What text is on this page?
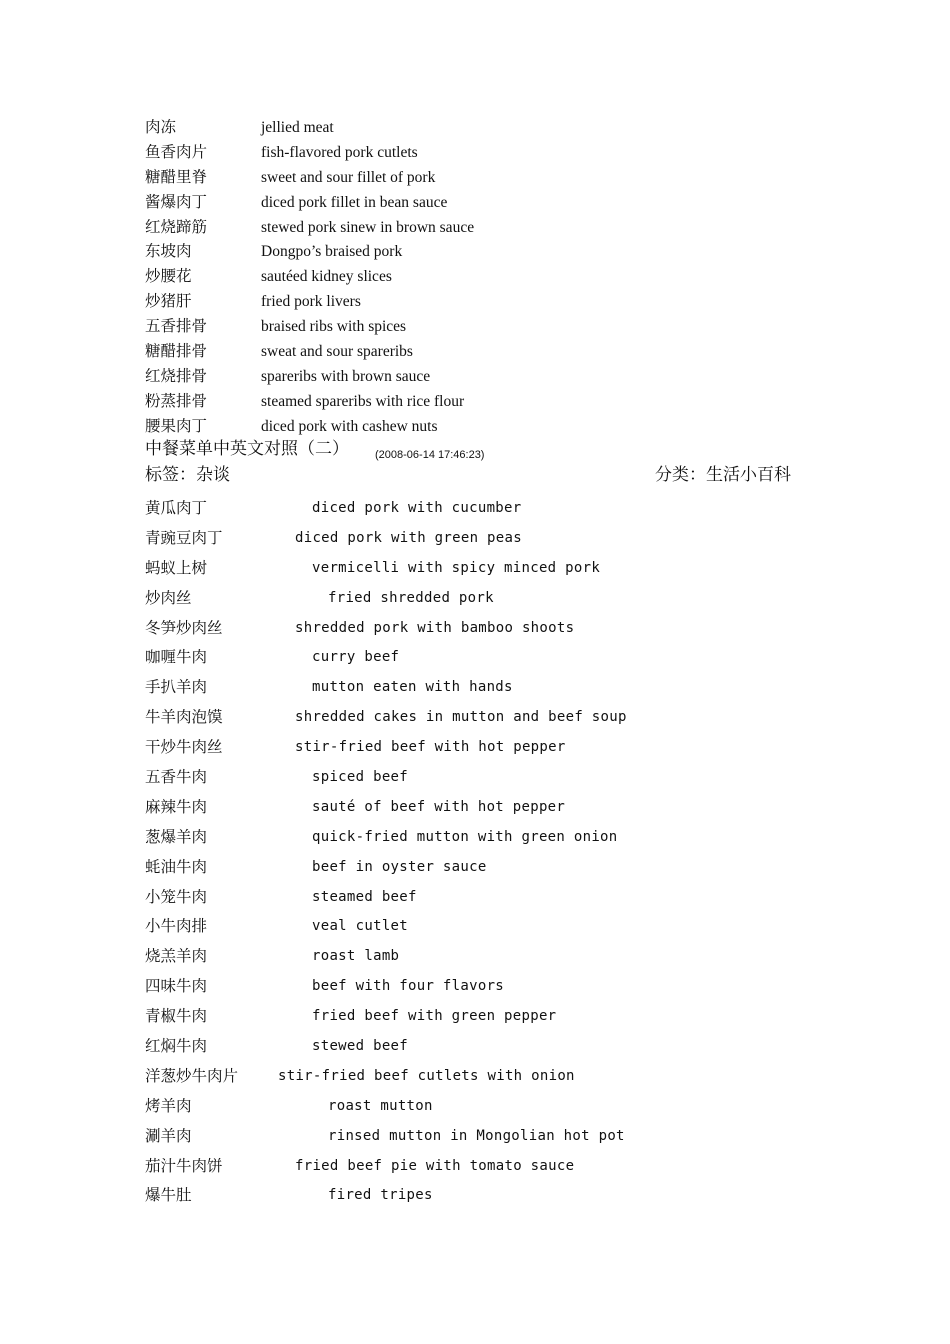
肉冻	jellied meat
鱼香肉片	fish-flavored pork cutlets
糖醋里脊	sweet and sour fillet of pork
酱爆肉丁	diced pork fillet in bean sauce
红烧蹄筋	stewed pork sinew in brown sauce
东坡肉	Dongpo’s braised pork
炒腰花	sautéed kidney slices
炒猪肝	fried pork livers
五香排骨	braised ribs with spices
糖醋排骨	sweat and sour spareribs
红烧排骨	spareribs with brown sauce
粉蒸排骨	steamed spareribs with rice flour
腰果肉丁	diced pork with cashew nuts
中餐菜单中英文对照（二） (2008-06-14 17:46:23)
标签：杂谈	分类：生活小百科
黄瓜肉丁	diced pork with cucumber
青豌豆肉丁	diced pork with green peas
蚂蚁上树	vermicelli with spicy minced pork
炒肉丝	fried shredded pork
冬笋炒肉丝	shredded pork with bamboo shoots
咖喱牛肉	curry beef
手扒羊肉	mutton eaten with hands
牛羊肉泡馍	shredded cakes in mutton and beef soup
干炒牛肉丝	stir-fried beef with hot pepper
五香牛肉	spiced beef
麻辣牛肉	sauté of beef with hot pepper
葱爆羊肉	quick-fried mutton with green onion
蚝油牛肉	beef in oyster sauce
小笼牛肉	steamed beef
小牛肉排	veal cutlet
烧羔羊肉	roast lamb
四味牛肉	beef with four flavors
青椒牛肉	fried beef with green pepper
红焖牛肉	stewed beef
洋葱炒牛肉片	stir-fried beef cutlets with onion
烤羊肉	roast mutton
涮羊肉	rinsed mutton in Mongolian hot pot
茄汁牛肉饼	fried beef pie with tomato sauce
爆牛肚	fired tripes
